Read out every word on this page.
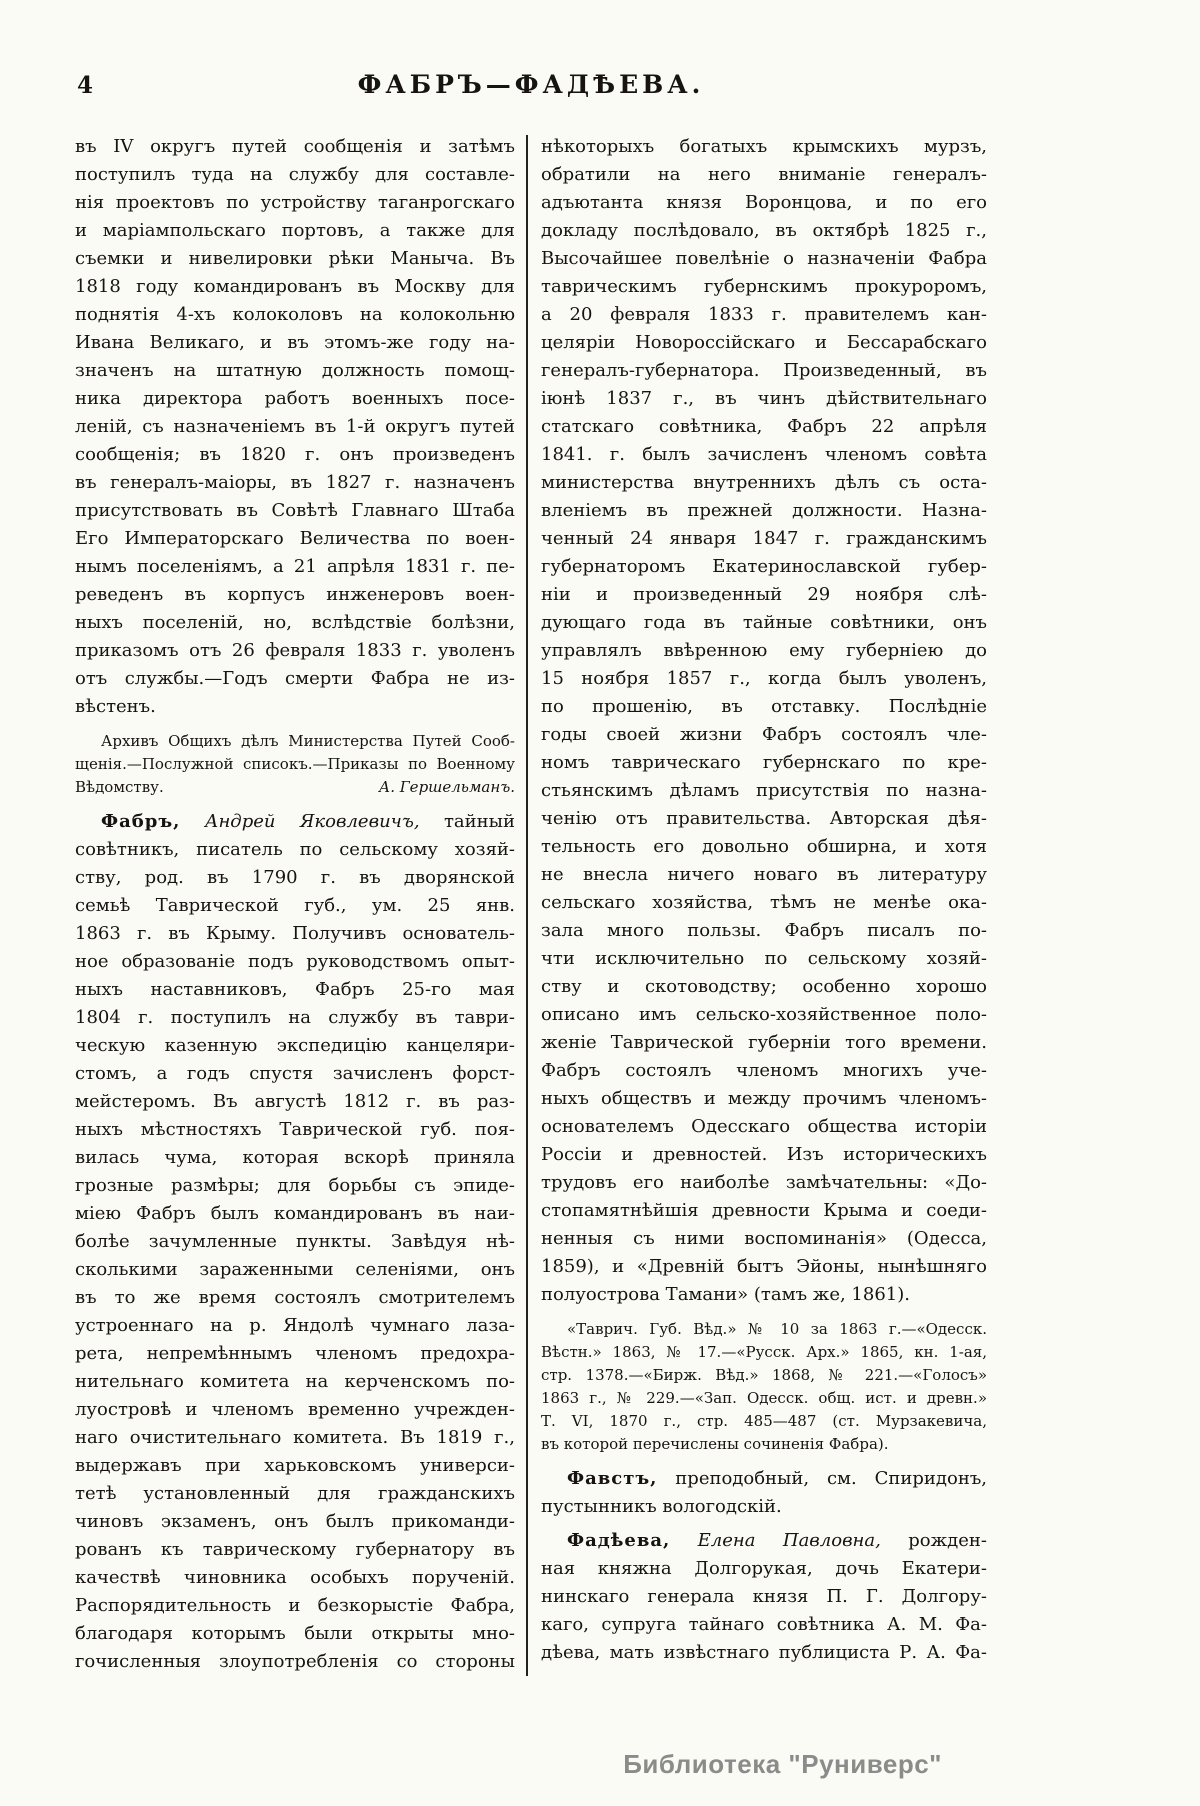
4	ФАБРЪ—ФАДѢЕВА.
въ IV округъ путей сообщенія и затѣмъ
поступилъ туда на службу для составле-
нія проектовъ по устройству таганрогскаго
и маріампольскаго портовъ, а также для
съемки и нивелировки рѣки Маныча. Въ
1818 году командированъ въ Москву для
поднятія 4-хъ колоколовъ на колокольню
Ивана Великаго, и въ этомъ-же году на-
значенъ на штатную должность помощ-
ника директора работъ военныхъ посе-
леній, съ назначеніемъ въ 1-й округъ путей
сообщенія; въ 1820 г. онъ произведенъ
въ генералъ-маіоры, въ 1827 г. назначенъ
присутствовать въ Совѣтѣ Главнаго Штаба
Его Императорскаго Величества по воен-
нымъ поселеніямъ, а 21 апрѣля 1831 г. пе-
реведенъ въ корпусъ инженеровъ воен-
ныхъ поселеній, но, вслѣдствіе болѣзни,
приказомъ отъ 26 февраля 1833 г. уволенъ
отъ службы.—Годъ смерти Фабра не из-
вѣстенъ.
Архивъ Общихъ дѣлъ Министерства Путей Сооб-
щенія.—Послужной списокъ.—Приказы по Военному
Вѣдомству.	А. Гершельманъ.
Фабръ, Андрей Яковлевичъ, тайный
совѣтникъ, писатель по сельскому хозяй-
ству, род. въ 1790 г. въ дворянской
семьѣ Таврической губ., ум. 25 янв.
1863 г. въ Крыму. Получивъ основатель-
ное образованіе подъ руководствомъ опыт-
ныхъ наставниковъ, Фабръ 25-го мая
1804 г. поступилъ на службу въ таври-
ческую казенную экспедицію канцеляри-
стомъ, а годъ спустя зачисленъ форст-
мейстеромъ. Въ августѣ 1812 г. въ раз-
ныхъ мѣстностяхъ Таврической губ. поя-
вилась чума, которая вскорѣ приняла
грозные размѣры; для борьбы съ эпиде-
міею Фабръ былъ командированъ въ наи-
болѣе зачумленные пункты. Завѣдуя нѣ-
сколькими зараженными селеніями, онъ
въ то же время состоялъ смотрителемъ
устроеннаго на р. Яндолѣ чумнаго лаза-
рета, непремѣннымъ членомъ предохра-
нительнаго комитета на керченскомъ по-
луостровѣ и членомъ временно учрежден-
наго очистительнаго комитета. Въ 1819 г.,
выдержавъ при харьковскомъ универси-
тетѣ установленный для гражданскихъ
чиновъ экзаменъ, онъ былъ прикоманди-
рованъ къ таврическому губернатору въ
качествѣ чиновника особыхъ порученій.
Распорядительность и безкорыстіе Фабра,
благодаря которымъ были открыты мно-
гочисленныя злоупотребленія со стороны
нѣкоторыхъ богатыхъ крымскихъ мурзъ,
обратили на него вниманіе генералъ-
адъютанта князя Воронцова, и по его
докладу послѣдовало, въ октябрѣ 1825 г.,
Высочайшее повелѣніе о назначеніи Фабра
таврическимъ губернскимъ прокуроромъ,
а 20 февраля 1833 г. правителемъ кан-
целяріи Новороссійскаго и Бессарабскаго
генералъ-губернатора. Произведенный, въ
іюнѣ 1837 г., въ чинъ дѣйствительнаго
статскаго совѣтника, Фабръ 22 апрѣля
1841. г. былъ зачисленъ членомъ совѣта
министерства внутреннихъ дѣлъ съ оста-
вленіемъ въ прежней должности. Назна-
ченный 24 января 1847 г. гражданскимъ
губернаторомъ Екатеринославской губер-
ніи и произведенный 29 ноября слѣ-
дующаго года въ тайные совѣтники, онъ
управлялъ ввѣренною ему губерніею до
15 ноября 1857 г., когда былъ уволенъ,
по прошенію, въ отставку. Послѣдніе
годы своей жизни Фабръ состоялъ чле-
номъ таврическаго губернскаго по кре-
стьянскимъ дѣламъ присутствія по назна-
ченію отъ правительства. Авторская дѣя-
тельность его довольно обширна, и хотя
не внесла ничего новаго въ литературу
сельскаго хозяйства, тѣмъ не менѣе ока-
зала много пользы. Фабръ писалъ по-
чти исключительно по сельскому хозяй-
ству и скотоводству; особенно хорошо
описано имъ сельско-хозяйственное поло-
женіе Таврической губерніи того времени.
Фабръ состоялъ членомъ многихъ уче-
ныхъ обществъ и между прочимъ членомъ-
основателемъ Одесскаго общества исторіи
Россіи и древностей. Изъ историческихъ
трудовъ его наиболѣе замѣчательны: «До-
стопамятнѣйшія древности Крыма и соеди-
ненныя съ ними воспоминанія» (Одесса,
1859), и «Древній бытъ Эйоны, нынѣшняго
полуострова Тамани» (тамъ же, 1861).
«Таврич. Губ. Вѣд.» № 10 за 1863 г.—«Одесск.
Вѣстн.» 1863, № 17.—«Русск. Арх.» 1865, кн. 1-ая,
стр. 1378.—«Бирж. Вѣд.» 1868, № 221.—«Голосъ»
1863 г., № 229.—«Зап. Одесск. общ. ист. и древн.»
Т. VI, 1870 г., стр. 485—487 (ст. Мурзакевича,
въ которой перечислены сочиненія Фабра).
Фавстъ, преподобный, см. Спиридонъ,
пустынникъ вологодскій.
Фадѣева, Елена Павловна, рожден-
ная княжна Долгорукая, дочь Екатери-
нинскаго генерала князя П. Г. Долгору-
каго, супруга тайнаго совѣтника А. М. Фа-
дѣева, мать извѣстнаго публициста Р. А. Фа-
Библиотека "Руниверс"
